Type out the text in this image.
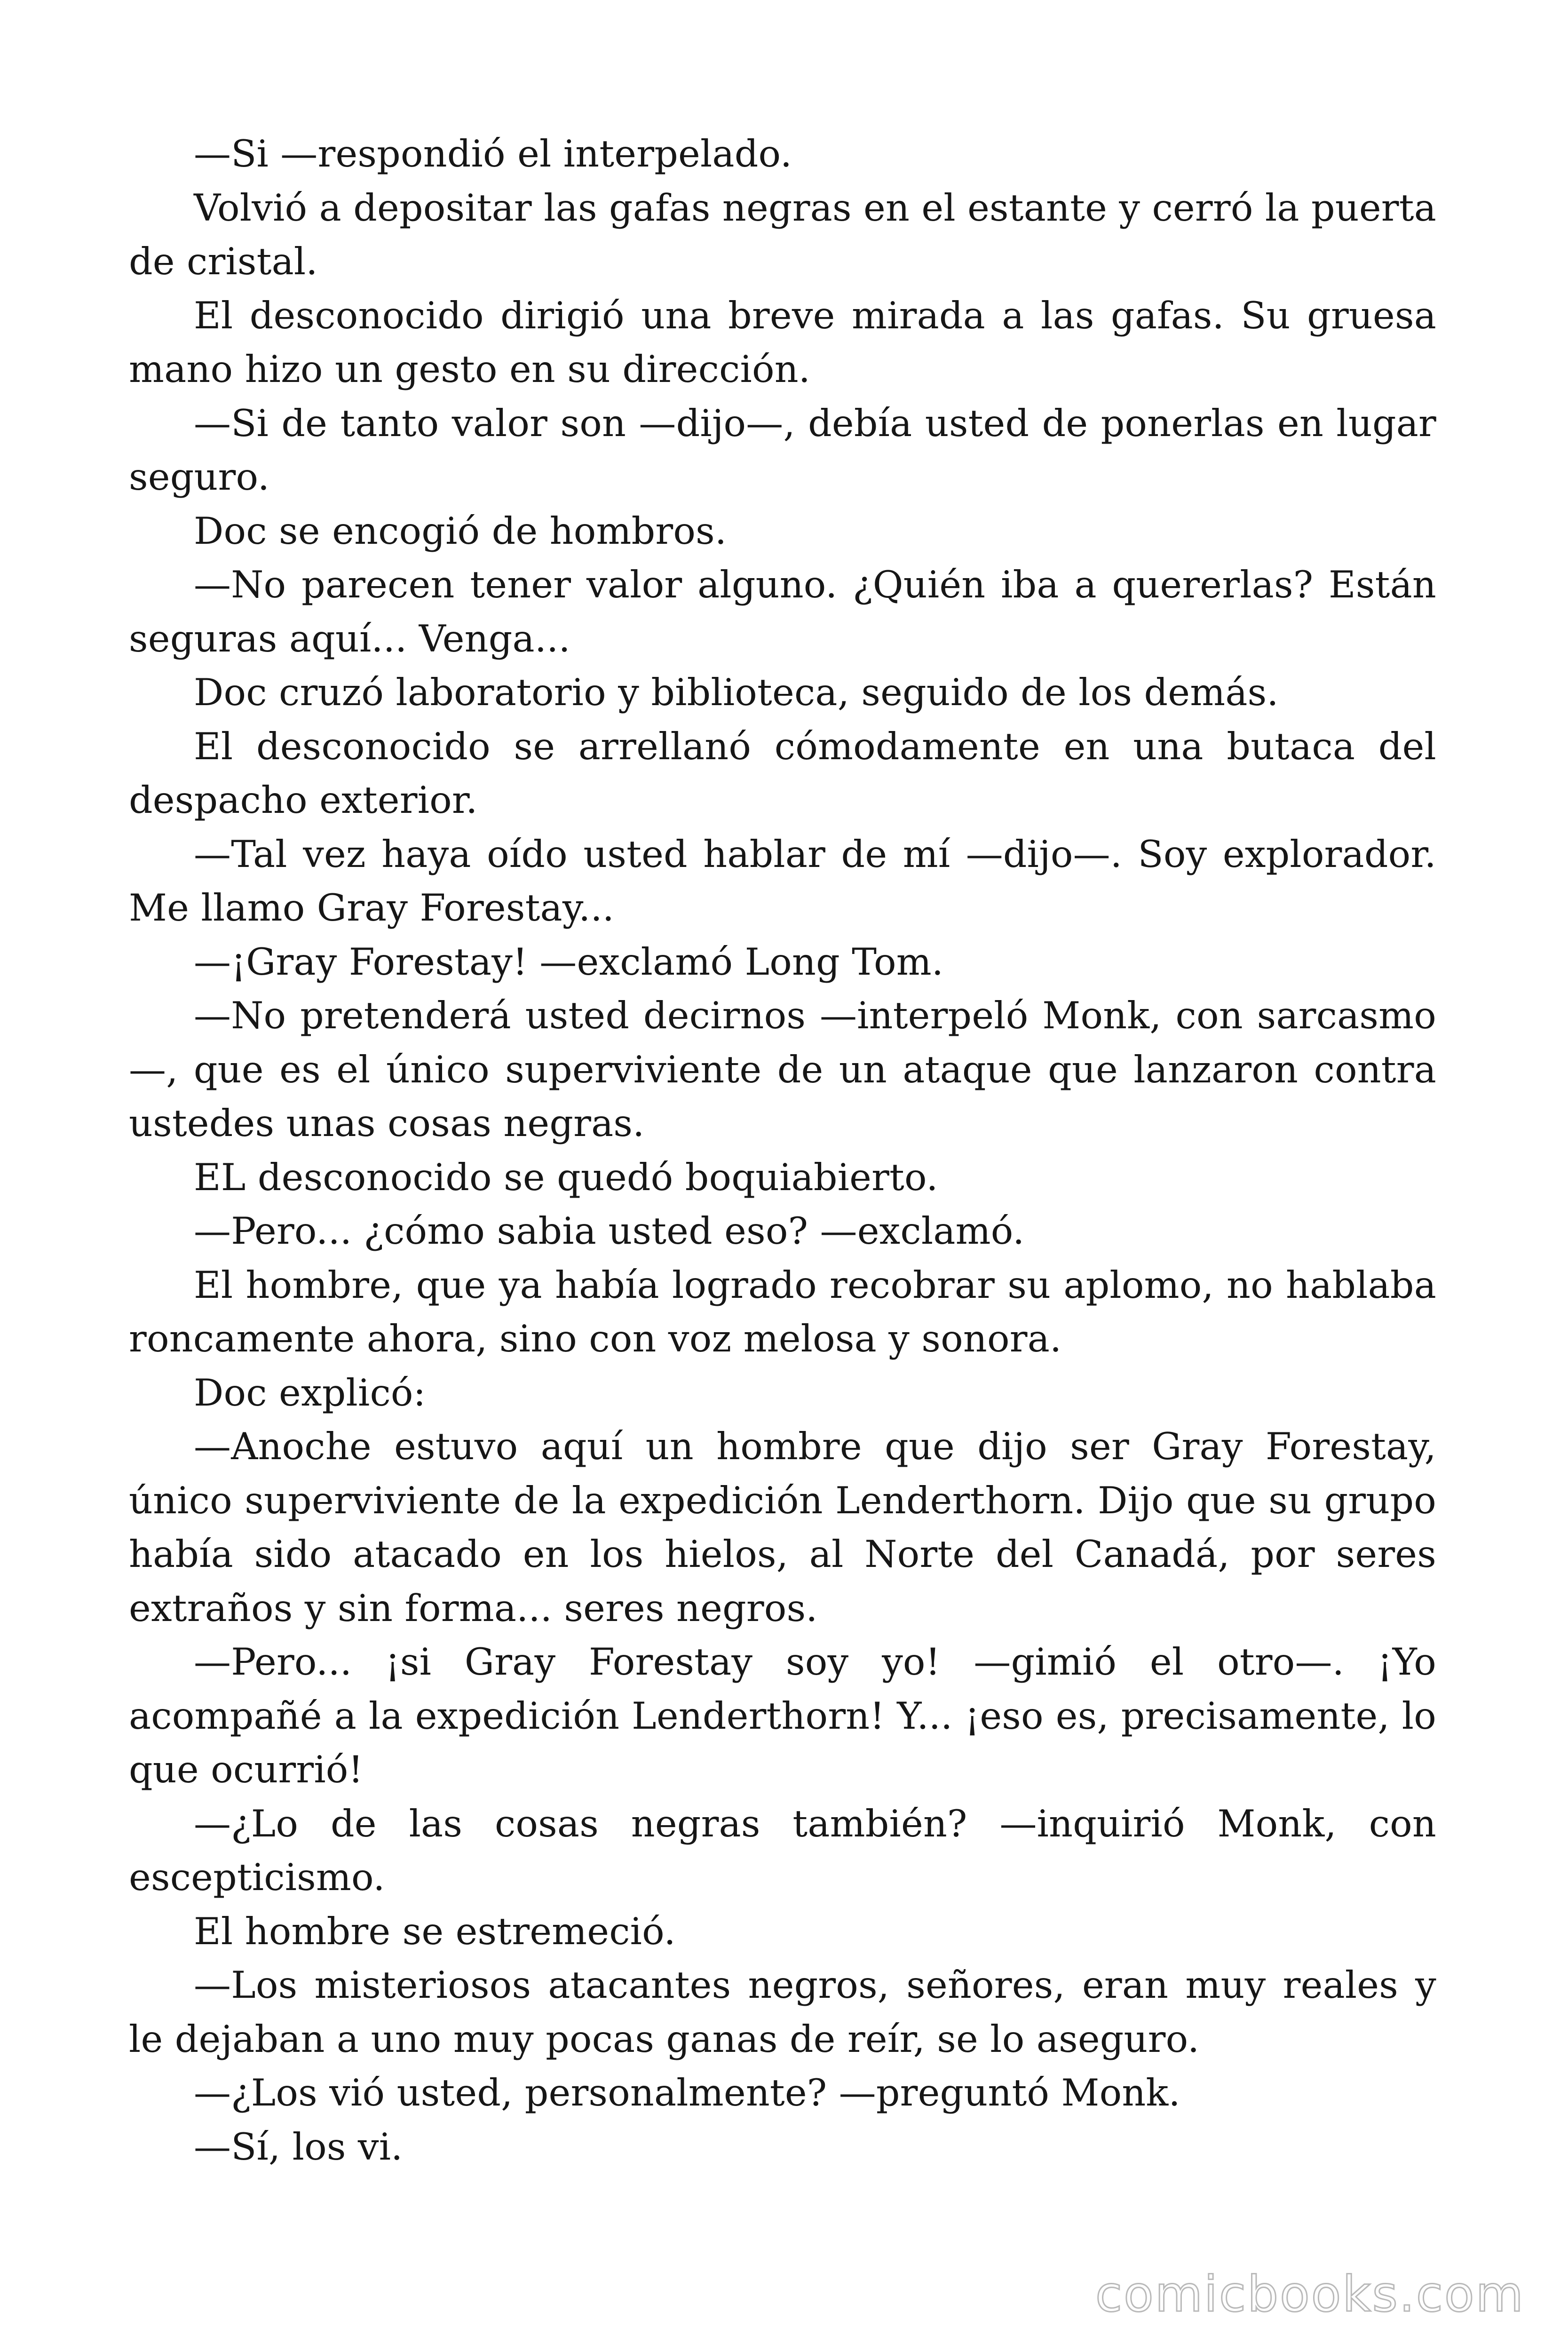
—Si —respondió el interpelado.

Volvió a depositar las gafas negras en el estante y cerró la puerta de cristal.

El desconocido dirigió una breve mirada a las gafas. Su gruesa mano hizo un gesto en su dirección.

—Si de tanto valor son —dijo—, debía usted de ponerlas en lugar seguro.

Doc se encogió de hombros.

—No parecen tener valor alguno. ¿Quién iba a quererlas? Están seguras aquí... Venga...

Doc cruzó laboratorio y biblioteca, seguido de los demás.

El desconocido se arrellanó cómodamente en una butaca del despacho exterior.

—Tal vez haya oído usted hablar de mí —dijo—. Soy explorador. Me llamo Gray Forestay...

—¡Gray Forestay! —exclamó Long Tom.

—No pretenderá usted decirnos —interpeló Monk, con sarcasmo —, que es el único superviviente de un ataque que lanzaron contra ustedes unas cosas negras.

EL desconocido se quedó boquiabierto.

—Pero... ¿cómo sabia usted eso? —exclamó.

El hombre, que ya había logrado recobrar su aplomo, no hablaba roncamente ahora, sino con voz melosa y sonora.

Doc explicó:

—Anoche estuvo aquí un hombre que dijo ser Gray Forestay, único superviviente de la expedición Lenderthorn. Dijo que su grupo había sido atacado en los hielos, al Norte del Canadá, por seres extraños y sin forma... seres negros.

—Pero... ¡si Gray Forestay soy yo! —gimió el otro—. ¡Yo acompañé a la expedición Lenderthorn! Y... ¡eso es, precisamente, lo que ocurrió!

—¿Lo de las cosas negras también? —inquirió Monk, con escepticismo.

El hombre se estremeció.

—Los misteriosos atacantes negros, señores, eran muy reales y le dejaban a uno muy pocas ganas de reír, se lo aseguro.

—¿Los vió usted, personalmente? —preguntó Monk.

—Sí, los vi.

comicbooks.com
